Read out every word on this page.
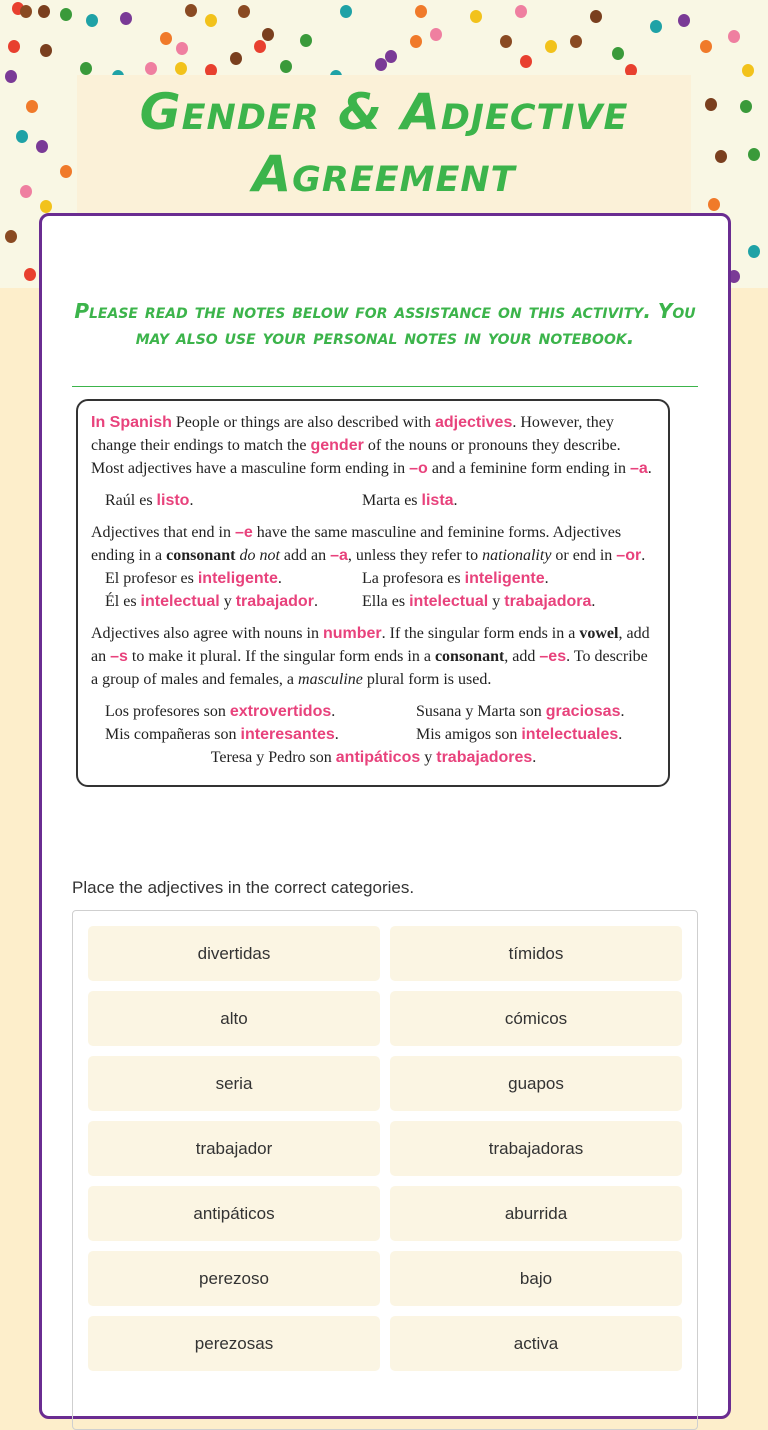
Gender & Adjective
Agreement
Please read the notes below for assistance on this activity. You may also use your personal notes in your notebook.

In Spanish People or things are also described with adjectives. However, they change their endings to match the gender of the nouns or pronouns they describe. Most adjectives have a masculine form ending in –o and a feminine form ending in –a.

Raúl es listo.	Marta es lista.

Adjectives that end in –e have the same masculine and feminine forms. Adjectives ending in a consonant do not add an –a, unless they refer to nationality or end in –or.

El profesor es inteligente.	La profesora es inteligente.
Él es intelectual y trabajador.	Ella es intelectual y trabajadora.

Adjectives also agree with nouns in number. If the singular form ends in a vowel, add an –s to make it plural. If the singular form ends in a consonant, add –es. To describe a group of males and females, a masculine plural form is used.

Los profesores son extrovertidos.	Susana y Marta son graciosas.
Mis compañeras son interesantes.	Mis amigos son intelectuales.
Teresa y Pedro son antipáticos y trabajadores.
Place the adjectives in the correct categories.
divertidas	tímidos
alto	cómicos
seria	guapos
trabajador	trabajadoras
antipáticos	aburrida
perezoso	bajo
perezosas	activa
